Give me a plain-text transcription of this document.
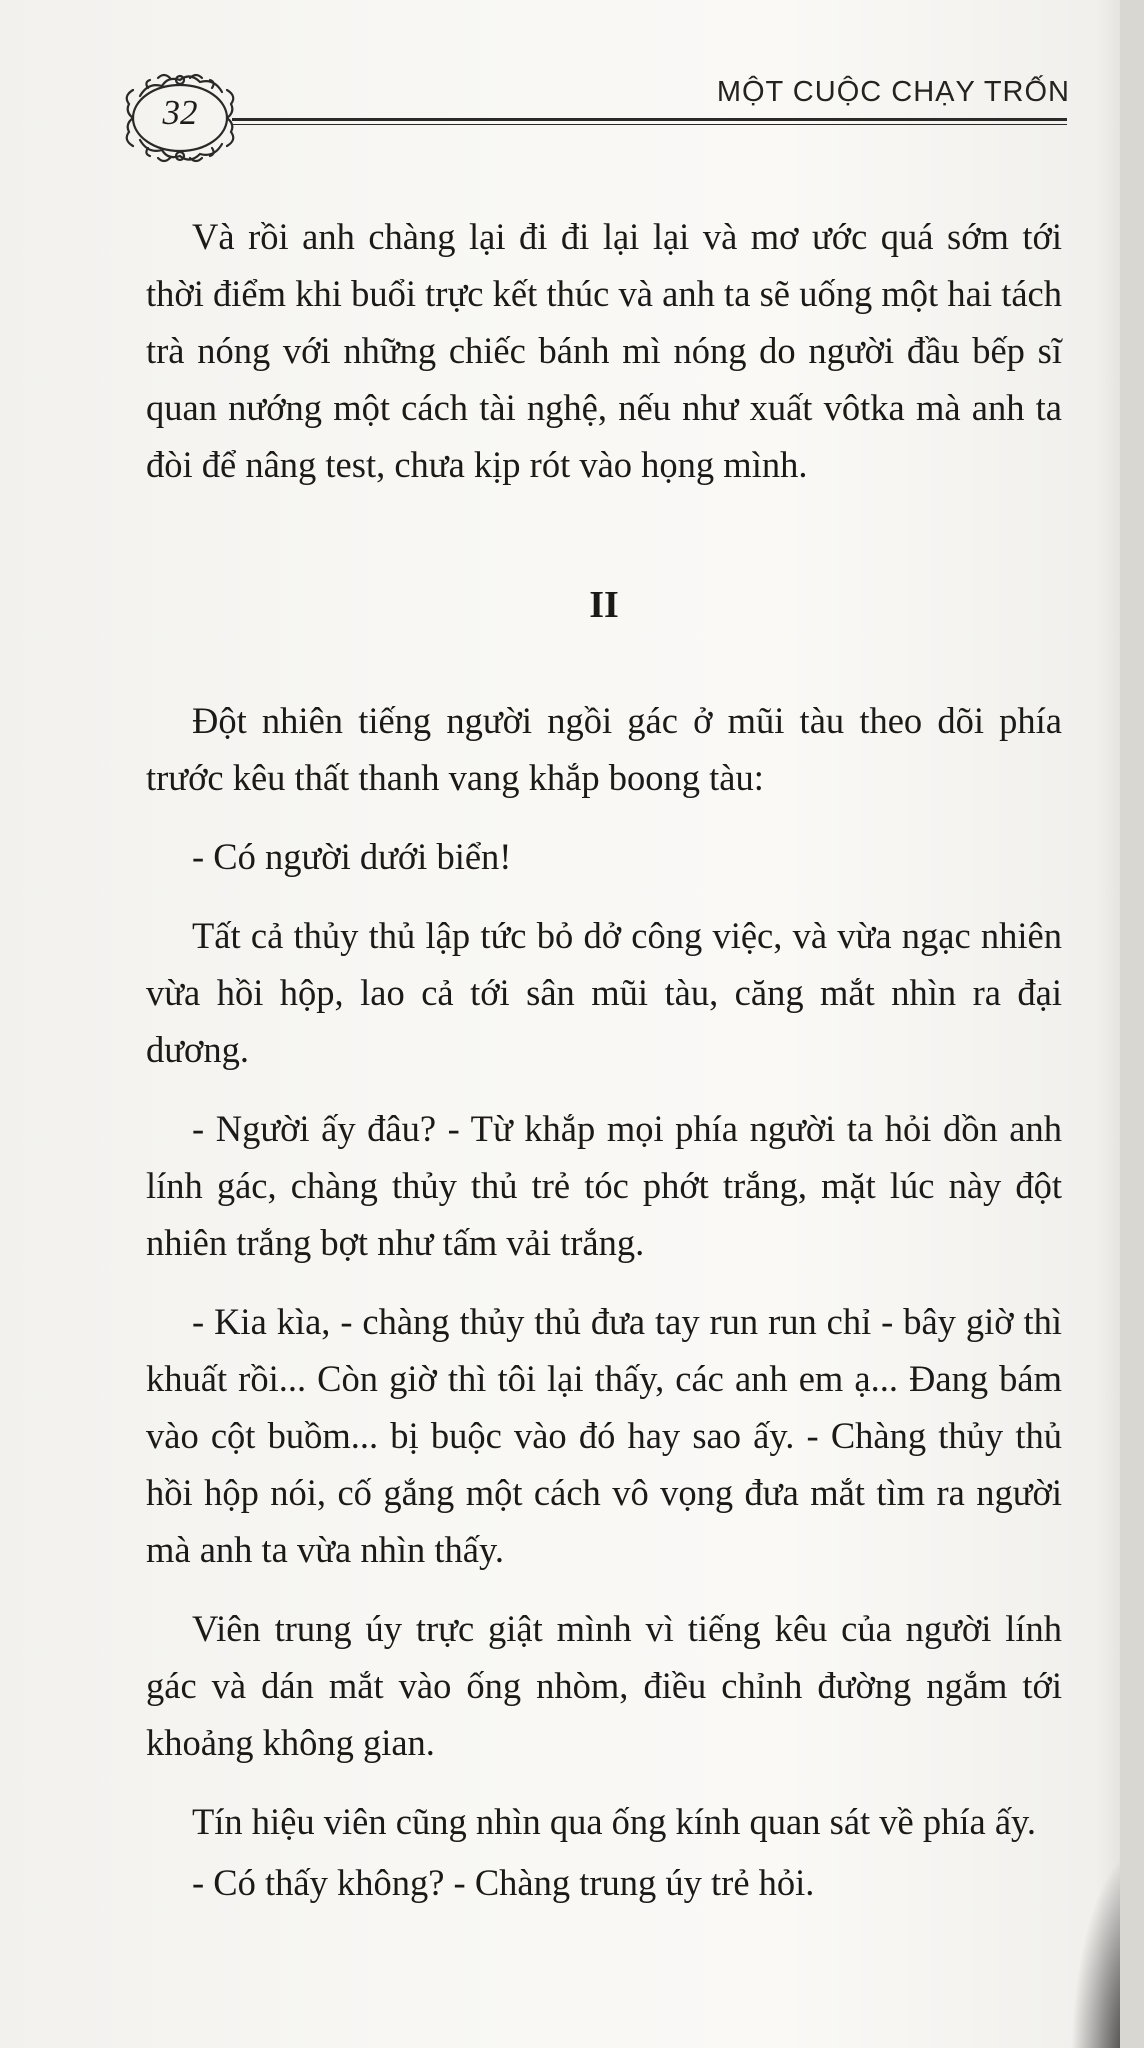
32
MỘT CUỘC CHẠY TRỐN

Và rồi anh chàng lại đi đi lại lại và mơ ước quá sớm tới thời điểm khi buổi trực kết thúc và anh ta sẽ uống một hai tách trà nóng với những chiếc bánh mì nóng do người đầu bếp sĩ quan nướng một cách tài nghệ, nếu như xuất vôtka mà anh ta đòi để nâng test, chưa kịp rót vào họng mình.

II

Đột nhiên tiếng người ngồi gác ở mũi tàu theo dõi phía trước kêu thất thanh vang khắp boong tàu:

- Có người dưới biển!

Tất cả thủy thủ lập tức bỏ dở công việc, và vừa ngạc nhiên vừa hồi hộp, lao cả tới sân mũi tàu, căng mắt nhìn ra đại dương.

- Người ấy đâu? - Từ khắp mọi phía người ta hỏi dồn anh lính gác, chàng thủy thủ trẻ tóc phớt trắng, mặt lúc này đột nhiên trắng bợt như tấm vải trắng.

- Kia kìa, - chàng thủy thủ đưa tay run run chỉ - bây giờ thì khuất rồi... Còn giờ thì tôi lại thấy, các anh em ạ... Đang bám vào cột buồm... bị buộc vào đó hay sao ấy. - Chàng thủy thủ hồi hộp nói, cố gắng một cách vô vọng đưa mắt tìm ra người mà anh ta vừa nhìn thấy.

Viên trung úy trực giật mình vì tiếng kêu của người lính gác và dán mắt vào ống nhòm, điều chỉnh đường ngắm tới khoảng không gian.

Tín hiệu viên cũng nhìn qua ống kính quan sát về phía ấy.

- Có thấy không? - Chàng trung úy trẻ hỏi.
